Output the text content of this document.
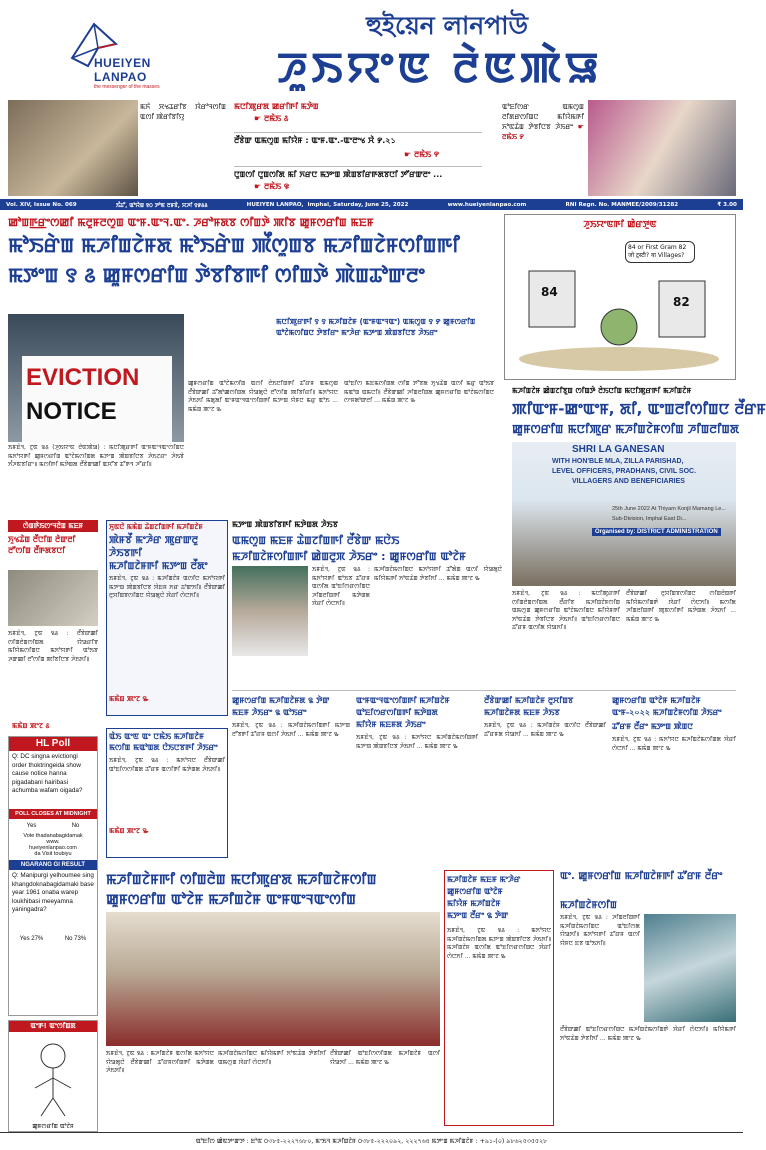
HUEIYEN
LANPAO
the messenger of the masses
হুইয়েন লানপাউ
ꯍꯨꯏꯌꯦꯟ ꯂꯥꯟꯄꯥꯎ
ꯃꯈꯥ ꯆꯠꯊꯔꯤꯕ ꯋꯥꯔꯣꯜꯁꯤꯡ ꯑꯁꯤ ꯄꯥꯔꯤꯕꯤꯌꯨ
ꯃꯅꯤꯄꯨꯔꯗ ꯀꯔꯤꯒꯤ ꯃꯇꯥꯡ
☛ ꯂꯃꯥꯏ ꯴
ꯂꯩꯕꯥꯛ ꯑꯃꯁꯨꯡ ꯃꯤꯌꯥꯝ : ꯑꯦꯝ.ꯑꯦ.-ꯑꯦꯂꯦꯠ ꯆꯥ ꯸.২১
☛ ꯂꯃꯥꯏ ꯵
ꯅꯨꯡꯁꯤ ꯅꯨꯡꯁꯤꯗ ꯃꯤ ꯈꯔꯅ ꯃꯇꯦꯡ ꯄꯥꯡꯕꯤꯔꯒꯗꯕꯅꯤ ꯇꯧꯔꯛꯂꯦ ...
☛ ꯂꯃꯥꯏ ꯶
ꯑꯣꯐꯤꯁꯔ ꯑꯃꯁꯨꯡ ꯂꯤꯗꯔꯁꯤꯡꯅ ꯃꯤꯌꯥꯃꯒꯤ ꯈꯣꯟꯊꯥꯡ ꯇꯥꯕꯤꯅꯕ ꯍꯥꯏꯔꯦ ☛ ꯂꯃꯥꯏ ꯸
Vol. XIV, Issue No. 069	ꯏꯪꯊꯧ, ꯑꯣꯌꯥꯡ ꯱꯰ ꯇꯣꯟ ꯂꯝꯕꯥ, ꯆꯍꯤ ꯱꯹꯴꯴	HUEIYEN LANPAO, Imphal, Saturday, June 25, 2022	www.hueiyenlanpao.com	RNI Regn. No. MANMEE/2009/31282	₹ 3.00
ꯀꯣꯡꯒ꯭ꯔꯦꯁꯀꯤ ꯃꯂꯨꯝꯂꯁꯨꯡ ꯑꯦꯝ.ꯑꯦꯜ.ꯑꯦ. ꯍꯔꯣꯝꯗꯕ ꯁꯤꯡꯇꯥ ꯄꯤꯕ ꯀꯨꯝꯁꯔꯤꯡ ꯃꯐꯝ
ꯃꯣꯏꯔꯥꯡ ꯃꯍꯤꯡꯖꯥꯝꯗ ꯃꯣꯏꯔꯥꯡ ꯄꯩꯁꯨꯡꯕ ꯃꯍꯤꯡꯖꯥꯝꯁꯤꯡꯒꯤ
ꯃꯇꯦꯡ ꯱ ꯴ ꯀꯨꯝꯁꯔꯤꯡ ꯇꯥꯕꯤꯕꯒꯤ ꯁꯤꯡꯇꯥ ꯄꯥꯡꯊꯣꯛꯂꯦ
EVICTION
NOTICE
ꯃꯅꯤꯄꯨꯔꯒꯤ ꯱ ꯱ ꯃꯍꯤꯡꯖꯥꯝ (ꯑꯦꯝꯑꯦꯜꯑꯦ) ꯑꯃꯁꯨꯡ ꯱ ꯸ ꯀꯨꯝꯁꯔꯤꯡ ꯑꯣꯖꯥꯃꯁꯤꯡꯅ ꯇꯥꯕꯤꯔꯦ ꯃꯦꯍꯥꯔ ꯃꯇꯦꯡ ꯄꯥꯡꯕꯤꯅꯕ ꯍꯥꯏꯔꯦ
ꯏꯝꯐꯥꯜ, ꯖꯨꯟ ꯲꯴ (ꯍꯨꯏꯌꯦꯟ ꯂꯥꯟꯄꯥꯎ) : ꯃꯅꯤꯄꯨꯔꯒꯤ ꯑꯦꯝꯑꯦꯜꯑꯦꯁꯤꯡꯅ ꯃꯈꯣꯌꯒꯤ ꯀꯨꯝꯁꯔꯤꯡ ꯑꯣꯖꯥꯃꯁꯤꯡꯗ ꯃꯇꯦꯡ ꯄꯥꯡꯕꯤꯅꯕ ꯍꯥꯏꯖꯔꯦ ꯍꯥꯏꯕꯥ ꯈꯪꯍꯟꯕꯤꯔꯦ꯫ ꯃꯁꯤꯒꯤ ꯃꯇꯥꯡꯗ ꯂꯩꯕꯥꯛꯀꯤ ꯑꯆꯧꯕ ꯊꯧꯒꯜ ꯍꯧꯔꯤ꯫
ꯀꯨꯝꯁꯔꯤꯡ ꯑꯣꯖꯥꯃꯁꯤꯡ ꯑꯁꯤ ꯂꯥꯏꯅꯤꯡꯒꯤ ꯊꯧꯔꯝ ꯑꯃꯁꯨꯡ ꯂꯩꯕꯥꯛꯀꯤ ꯊꯧꯗꯣꯀꯁꯤꯡꯗ ꯌꯥꯎꯗꯨꯅꯥ ꯂꯧꯁꯤꯡ ꯄꯤꯕꯤꯔꯤ꯫ ꯃꯈꯣꯌꯅ ꯍꯥꯏꯈꯤ ꯃꯗꯨꯗꯤ ꯑꯦꯝꯑꯦꯜꯑꯦꯁꯤꯡꯒꯤ ꯃꯇꯦꯡ ꯌꯥꯝꯅ ꯃꯔꯨ ꯑꯣꯏ ... ꯃꯃꯥꯡ ꯄꯦꯖ ꯳
ꯑꯣꯐꯤꯁ ꯃꯐꯃꯁꯤꯡꯗ ꯁꯤꯡ ꯇꯧꯕꯗ ꯈꯨꯠꯊꯥꯡ ꯑꯁꯤ ꯃꯔꯨ ꯑꯣꯏꯕ ꯃꯑꯣꯡ ꯑꯃꯅꯤ꯫ ꯂꯩꯕꯥꯛꯀꯤ ꯍꯤꯡꯂꯤꯡꯗ ꯀꯨꯝꯁꯔꯤꯡ ꯑꯣꯖꯥꯃꯁꯤꯡꯅ ꯁꯦꯝꯗꯣꯛꯂꯤ ... ꯃꯃꯥꯡ ꯄꯦꯖ ꯳
ꯍꯨꯏꯌꯦꯟꯒꯤ ꯀꯥꯔꯇꯨꯟ
84
82
84 or First Gram 82 जो ट्रस्टी? या Villages?
ꯃꯍꯤꯡꯖꯥꯝ ꯀꯥꯡꯖꯤꯕꯨꯡ ꯁꯤꯡꯇꯥ ꯂꯥꯏꯅꯤꯡ ꯃꯅꯤꯄꯨꯔꯒꯤ ꯃꯍꯤꯡꯖꯥꯝ
ꯄꯤꯑꯦꯝ-ꯀꯦꯑꯦꯝ, ꯗꯤ, ꯑꯦꯡꯂꯤꯁꯤꯡꯅ ꯂꯩꯔꯝ
ꯀꯨꯝꯁꯔꯤꯡ ꯃꯅꯤꯄꯨꯔ ꯃꯍꯤꯡꯖꯥꯝꯁꯤꯡ ꯍꯤꯡꯂꯤꯡꯗ
SHRI LA GANESAN
WITH HON'BLE MLA, ZILLA PARISHAD,
LEVEL OFFICERS, PRADHANS, CIVIL SOC.
VILLAGERS AND BENEFICIARIES
25th June 2022 At Thiyam Konjil Mamang Le...
Sub-Division, Imphal East Di...
Organised by: DISTRICT ADMINISTRATION
ꯏꯝꯐꯥꯜ, ꯖꯨꯟ ꯲꯴ : ꯃꯅꯤꯄꯨꯔꯒꯤ ꯁꯤꯡꯂꯥꯡꯁꯤꯡꯗ ꯂꯩꯔꯤꯕ ꯃꯍꯤꯡꯖꯥꯝꯁꯤꯡ ꯑꯃꯁꯨꯡ ꯀꯨꯝꯁꯔꯤꯡ ꯑꯣꯖꯥꯃꯁꯤꯡꯅ ꯃꯤꯌꯥꯝꯒꯤ ꯈꯣꯟꯊꯥꯡ ꯇꯥꯕꯤꯅꯕ ꯍꯥꯏꯈꯤ꯫ ꯑꯣꯐꯤꯁꯔꯁꯤꯡꯅ ꯊꯧꯔꯝ ꯑꯁꯤꯗ ꯌꯥꯎꯈꯤ꯫
ꯂꯩꯕꯥꯛꯀꯤ ꯂꯨꯆꯤꯡꯕꯁꯤꯡꯅ ꯁꯤꯡꯂꯥꯡꯒꯤ ꯃꯤꯌꯥꯃꯁꯤꯡꯒꯥ ꯋꯥꯔꯤ ꯁꯥꯅꯈꯤ꯫ ꯃꯁꯤꯗ ꯍꯤꯡꯂꯤꯡꯒꯤ ꯄꯨꯟꯁꯤꯒꯤ ꯃꯇꯥꯡꯗ ꯍꯥꯏꯈꯤ ... ꯃꯃꯥꯡ ꯄꯦꯖ ꯳
ꯁꯥꯡꯒꯥꯏꯁꯦꯜꯂꯥꯡ ꯃꯐꯝ
ꯈꯨꯠꯊꯥꯡ ꯂꯩꯅꯤꯡ ꯂꯥꯛꯂꯤ ꯂꯧꯁꯤꯡ ꯂꯩꯒꯗꯕꯅꯤ
ꯏꯝꯐꯥꯜ, ꯖꯨꯟ ꯲꯴ : ꯂꯩꯕꯥꯛꯀꯤ ꯁꯤꯡꯂꯥꯡꯁꯤꯡꯗ ꯌꯥꯎꯔꯤꯕ ꯃꯤꯌꯥꯃꯁꯤꯡꯅ ꯃꯈꯣꯌꯒꯤ ꯑꯣꯏꯕ ꯍꯛꯀꯤ ꯂꯧꯁꯤꯡ ꯄꯤꯕꯤꯅꯕ ꯍꯥꯏꯈꯤ꯫
ꯃꯃꯥꯡ ꯄꯦꯖ ꯴
HL Poll
Q: DC singna evictiongi order thoktringeida show cause notice hanna pigadabani hairibasi achumba wafam oigada?
POLL CLOSES AT MIDNIGHT
Yes	No
Vote thadanabagidamak
www.
hueiyenlanpao.com
da Visit toubiyu
NGARANG GI RESULT
Q: Manipurgi yelhoumee sing khangdoknabagidamaki base year 1961 onaba warep loukhibasi meeyamna yaningadra?
Yes 27%	No 73%
ꯑꯦꯒ! ꯑꯦꯁꯤꯡꯗ
ꯀꯨꯝꯁꯔꯤꯡ ꯑꯣꯖꯥꯝ
ꯈꯨꯟꯅꯥ ꯃꯃꯥꯡ ꯊꯥꯡꯖꯤꯡꯒꯤ ꯃꯍꯤꯡꯖꯥꯝ
ꯄꯥꯝꯕꯩ ꯃꯦꯍꯥꯔ ꯄꯨꯔꯛꯂꯨ ꯍꯥꯏꯕꯒꯤ
ꯃꯍꯤꯡꯖꯥꯝꯒꯤ ꯃꯇꯦꯡ ꯂꯩꯗꯦ
ꯏꯝꯐꯥꯜ, ꯖꯨꯟ ꯲꯴ : ꯃꯍꯤꯡꯖꯥꯝ ꯑꯁꯤꯅ ꯃꯈꯣꯌꯒꯤ ꯃꯇꯦꯡ ꯄꯥꯡꯕꯤꯅꯕ ꯋꯥꯐꯝ ꯈꯔ ꯊꯣꯛꯈꯤ꯫ ꯂꯩꯕꯥꯛꯀꯤ ꯂꯨꯆꯤꯡꯕꯁꯤꯡꯅ ꯌꯥꯎꯗꯨꯅꯥ ꯋꯥꯔꯤ ꯁꯥꯅꯈꯤ꯫
ꯃꯃꯥꯡ ꯄꯦꯖ ꯳
ꯃꯇꯦꯡ ꯄꯥꯡꯕꯤꯕꯒꯤ ꯃꯇꯥꯡꯗ ꯍꯥꯏꯕ
ꯑꯃꯁꯨꯡ ꯃꯐꯝ ꯊꯥꯡꯖꯤꯡꯒꯤ ꯂꯩꯕꯥꯛ ꯃꯅꯥꯏ
ꯃꯍꯤꯡꯖꯥꯝꯁꯤꯡꯒꯤ ꯀꯥꯡꯂꯨꯞ ꯍꯥꯏꯔꯦ : ꯀꯨꯝꯁꯔꯤꯡ ꯑꯣꯖꯥꯝ
ꯏꯝꯐꯥꯜ, ꯖꯨꯟ ꯲꯴ : ꯃꯈꯣꯌꯒꯤ ꯑꯣꯏꯕ ꯊꯧꯔꯝ ꯑꯁꯤꯗ ꯑꯣꯐꯤꯁꯔꯁꯤꯡꯅ ꯍꯤꯡꯂꯤꯡꯒꯤ ꯃꯇꯥꯡꯗ ꯋꯥꯔꯤ ꯁꯥꯅꯈꯤ꯫
ꯃꯍꯤꯡꯖꯥꯃꯁꯤꯡꯅ ꯃꯈꯣꯌꯒꯤ ꯊꯧꯗꯥꯡ ꯑꯁꯤ ꯌꯥꯎꯗꯨꯅꯥ ꯃꯤꯌꯥꯃꯒꯤ ꯈꯣꯟꯊꯥꯡ ꯇꯥꯕꯤꯈꯤ ... ꯃꯃꯥꯡ ꯄꯦꯖ ꯳
ꯀꯨꯝꯁꯔꯤꯡ ꯃꯍꯤꯡꯖꯥꯝꯗ ꯲ ꯇꯥꯛ
ꯃꯐꯝ ꯍꯥꯏꯔꯦ ꯲ ꯑꯣꯏꯔꯦ
ꯏꯝꯐꯥꯜ, ꯖꯨꯟ ꯲꯴ : ꯃꯍꯤꯡꯖꯥꯃꯁꯤꯡꯒꯤ ꯃꯇꯦꯡ ꯂꯧꯕꯒꯤ ꯊꯧꯔꯝ ꯑꯁꯤ ꯍꯥꯏꯈꯤ ... ꯃꯃꯥꯡ ꯄꯦꯖ ꯳
ꯑꯦꯝꯑꯦꯜꯑꯦꯁꯤꯡꯒꯤ ꯃꯍꯤꯡꯖꯥꯝ
ꯑꯣꯐꯤꯁꯔꯁꯤꯡꯒꯤ ꯃꯇꯥꯡꯗ
ꯃꯤꯌꯥꯝ ꯃꯐꯝꯗ ꯍꯥꯏꯔꯦ
ꯏꯝꯐꯥꯜ, ꯖꯨꯟ ꯲꯴ : ꯃꯈꯣꯌꯅ ꯃꯍꯤꯡꯖꯥꯃꯁꯤꯡꯒꯤ ꯃꯇꯦꯡ ꯄꯥꯡꯕꯤꯅꯕ ꯍꯥꯏꯈꯤ ... ꯃꯃꯥꯡ ꯄꯦꯖ ꯳
ꯂꯩꯕꯥꯛꯀꯤ ꯃꯍꯤꯡꯖꯥꯝ ꯂꯨꯆꯤꯡꯕ
ꯃꯍꯤꯡꯖꯥꯝꯗ ꯃꯐꯝ ꯍꯥꯏꯕ
ꯏꯝꯐꯥꯜ, ꯖꯨꯟ ꯲꯴ : ꯃꯍꯤꯡꯖꯥꯝ ꯑꯁꯤꯅ ꯂꯩꯕꯥꯛꯀꯤ ꯊꯧꯔꯝꯗ ꯌꯥꯎꯈꯤ ... ꯃꯃꯥꯡ ꯄꯦꯖ ꯳
ꯀꯨꯝꯁꯔꯤꯡ ꯑꯣꯖꯥꯝ ꯃꯍꯤꯡꯖꯥꯝ
ꯑꯦꯝ-২০২২ ꯃꯍꯤꯡꯖꯥꯝꯁꯤꯡ ꯍꯥꯏꯔꯦ
ꯊꯧꯔꯝ ꯂꯩꯔꯦ ꯃꯇꯦꯡ ꯄꯥꯡꯅ
ꯏꯝꯐꯥꯜ, ꯖꯨꯟ ꯲꯴ : ꯃꯈꯣꯌꯅ ꯃꯍꯤꯡꯖꯥꯃꯁꯤꯡꯗ ꯋꯥꯔꯤ ꯁꯥꯅꯈꯤ ... ꯃꯃꯥꯡ ꯄꯦꯖ ꯳
ꯑꯥꯏ ꯑꯦꯟ ꯑꯦ ꯅꯃꯥꯏ ꯃꯍꯤꯡꯖꯥꯝ ꯃꯁꯤꯡ ꯃꯑꯣꯡꯗ ꯅꯥꯏꯅꯕꯒꯤ ꯍꯥꯏꯔꯦ
ꯏꯝꯐꯥꯜ, ꯖꯨꯟ ꯲꯴ : ꯃꯈꯣꯌꯅ ꯂꯩꯕꯥꯛꯀꯤ ꯑꯣꯐꯤꯁꯁꯤꯡꯗ ꯊꯧꯔꯝ ꯑꯁꯤꯒꯤ ꯃꯇꯥꯡꯗ ꯍꯥꯏꯈꯤ꯫
ꯃꯃꯥꯡ ꯄꯦꯖ ꯳
ꯃꯍꯤꯡꯖꯥꯝꯒꯤ ꯁꯤꯡꯂꯥꯡ ꯃꯅꯤꯄꯨꯔꯗ ꯃꯍꯤꯡꯖꯥꯝꯁꯤꯡ
ꯀꯨꯝꯁꯔꯤꯡ ꯑꯣꯖꯥꯝ ꯃꯍꯤꯡꯖꯥꯝ ꯑꯦꯝꯑꯦꯜꯑꯦꯁꯤꯡ
ꯏꯝꯐꯥꯜ, ꯖꯨꯟ ꯲꯴ : ꯃꯍꯤꯡꯖꯥꯝ ꯑꯁꯤꯗ ꯃꯈꯣꯌꯅ ꯌꯥꯎꯗꯨꯅꯥ ꯂꯩꯕꯥꯛꯀꯤ ꯊꯧꯔꯝꯁꯤꯡꯒꯤ ꯃꯇꯥꯡꯗ ꯍꯥꯏꯈꯤ꯫
ꯃꯍꯤꯡꯖꯥꯃꯁꯤꯡꯅ ꯃꯤꯌꯥꯃꯒꯤ ꯈꯣꯟꯊꯥꯡ ꯇꯥꯕꯤꯈꯤ ꯑꯃꯁꯨꯡ ꯋꯥꯔꯤ ꯁꯥꯅꯈꯤ꯫
ꯂꯩꯕꯥꯛꯀꯤ ꯑꯣꯐꯤꯁꯁꯤꯡꯗ ꯃꯍꯤꯡꯖꯥꯝ ꯑꯁꯤ ꯌꯥꯎꯈꯤ ... ꯃꯃꯥꯡ ꯄꯦꯖ ꯳
ꯃꯍꯤꯡꯖꯥꯝ ꯃꯐꯝ ꯃꯦꯍꯥꯔ
ꯀꯨꯝꯁꯔꯤꯡ ꯑꯣꯖꯥꯝ
ꯃꯤꯌꯥꯝ ꯃꯍꯤꯡꯖꯥꯝ
ꯃꯇꯦꯡ ꯂꯩꯔꯦ ꯲ ꯇꯥꯛ
ꯏꯝꯐꯥꯜ, ꯖꯨꯟ ꯲꯴ : ꯃꯈꯣꯌꯅ ꯃꯍꯤꯡꯖꯥꯃꯁꯤꯡꯗ ꯃꯇꯦꯡ ꯄꯥꯡꯕꯤꯅꯕ ꯍꯥꯏꯈꯤ꯫ ꯃꯍꯤꯡꯖꯥꯝ ꯑꯁꯤꯗ ꯑꯣꯐꯤꯁꯔꯁꯤꯡꯅ ꯋꯥꯔꯤ ꯁꯥꯅꯈꯤ ... ꯃꯃꯥꯡ ꯄꯦꯖ ꯳
ꯑꯦ. ꯀꯨꯝꯁꯔꯤꯡ ꯃꯍꯤꯡꯖꯥꯝꯒꯤ ꯊꯧꯔꯝ ꯂꯩꯔꯦ
ꯃꯍꯤꯡꯖꯥꯝꯁꯤꯡ
ꯏꯝꯐꯥꯜ, ꯖꯨꯟ ꯲꯴ : ꯍꯤꯡꯂꯤꯡꯒꯤ ꯃꯍꯤꯡꯖꯥꯃꯁꯤꯡꯅ ꯑꯣꯐꯤꯁꯗ ꯌꯥꯎꯈꯤ꯫ ꯃꯈꯣꯌꯒꯤ ꯊꯧꯔꯝ ꯑꯁꯤ ꯌꯥꯝꯅ ꯐꯕ ꯑꯣꯏꯈꯤ꯫
ꯂꯩꯕꯥꯛꯀꯤ ꯑꯣꯐꯤꯁꯔꯁꯤꯡꯅ ꯃꯍꯤꯡꯖꯥꯃꯁꯤꯡꯒꯥ ꯋꯥꯔꯤ ꯁꯥꯅꯈꯤ꯫ ꯃꯤꯌꯥꯃꯒꯤ ꯈꯣꯟꯊꯥꯡ ꯇꯥꯕꯤꯈꯤ ... ꯃꯃꯥꯡ ꯄꯦꯖ ꯳
ꯑꯣꯐꯤꯁ ꯀꯥꯟꯇꯦꯛꯇ : ꯐꯣꯟ ꯰৩৮৫-২২২৭৬৮০, ꯃꯦꯏꯜ ꯃꯍꯤꯡꯖꯥꯝ ꯰৩৮৫-২২২০৯২, ২২২৭৬৪ ꯃꯇꯦꯡ ꯃꯍꯤꯡꯖꯥꯝ : +৯১-(০) ৯৮৬২৫৩৫৫২৮
